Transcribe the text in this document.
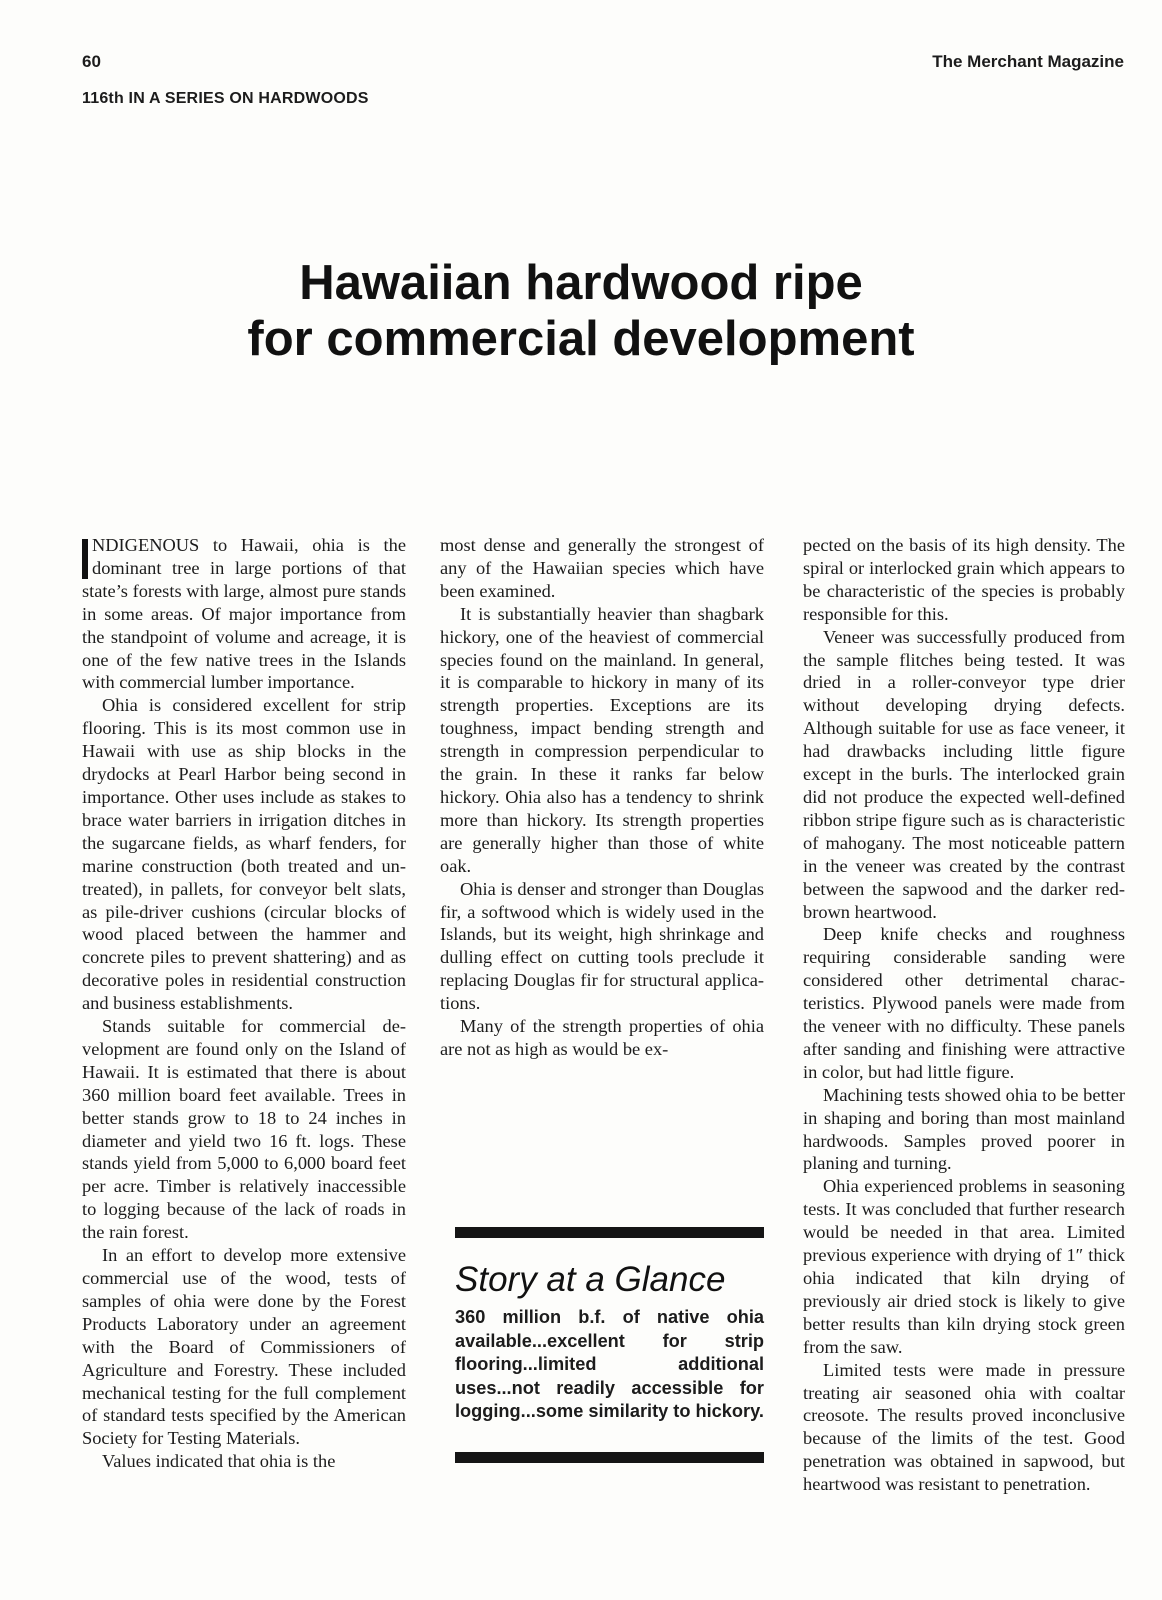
60	The Merchant Magazine
116th IN A SERIES ON HARDWOODS
Hawaiian hardwood ripe
for commercial development

NDIGENOUS to Hawaii, ohia is the dominant tree in large portions of that state’s forests with large, almost pure stands in some areas. Of major importance from the standpoint of volume and acreage, it is one of the few native trees in the Islands with commercial lumber importance.

Ohia is considered excellent for strip flooring. This is its most common use in Hawaii with use as ship blocks in the drydocks at Pearl Harbor being second in importance. Other uses include as stakes to brace water barriers in irrigation ditches in the sugarcane fields, as wharf fenders, for marine construction (both treated and untreated), in pallets, for conveyor belt slats, as pile-driver cushions (circular blocks of wood placed between the hammer and concrete piles to prevent shattering) and as decorative poles in residential construction and business establishments.

Stands suitable for commercial development are found only on the Island of Hawaii. It is estimated that there is about 360 million board feet available. Trees in better stands grow to 18 to 24 inches in diameter and yield two 16 ft. logs. These stands yield from 5,000 to 6,000 board feet per acre. Timber is relatively inaccessible to logging because of the lack of roads in the rain forest.

In an effort to develop more extensive commercial use of the wood, tests of samples of ohia were done by the Forest Products Laboratory under an agreement with the Board of Commissioners of Agriculture and Forestry. These included mechanical testing for the full complement of standard tests specified by the American Society for Testing Materials.

Values indicated that ohia is the

most dense and generally the strongest of any of the Hawaiian species which have been examined.

It is substantially heavier than shagbark hickory, one of the heaviest of commercial species found on the mainland. In general, it is comparable to hickory in many of its strength properties. Exceptions are its toughness, impact bending strength and strength in compression perpendicular to the grain. In these it ranks far below hickory. Ohia also has a tendency to shrink more than hickory. Its strength properties are generally higher than those of white oak.

Ohia is denser and stronger than Douglas fir, a softwood which is widely used in the Islands, but its weight, high shrinkage and dulling effect on cutting tools preclude it replacing Douglas fir for structural applications.

Many of the strength properties of ohia are not as high as would be ex-

Story at a Glance
360 million b.f. of native ohia available...excellent for strip flooring...limited additional uses...not readily accessible for logging...some similarity to hickory.

pected on the basis of its high density. The spiral or interlocked grain which appears to be characteristic of the species is probably responsible for this.

Veneer was successfully produced from the sample flitches being tested. It was dried in a roller-conveyor type drier without developing drying defects. Although suitable for use as face veneer, it had drawbacks including little figure except in the burls. The interlocked grain did not produce the expected well-defined ribbon stripe figure such as is characteristic of mahogany. The most noticeable pattern in the veneer was created by the contrast between the sapwood and the darker red-brown heartwood.

Deep knife checks and roughness requiring considerable sanding were considered other detrimental characteristics. Plywood panels were made from the veneer with no difficulty. These panels after sanding and finishing were attractive in color, but had little figure.

Machining tests showed ohia to be better in shaping and boring than most mainland hardwoods. Samples proved poorer in planing and turning.

Ohia experienced problems in seasoning tests. It was concluded that further research would be needed in that area. Limited previous experience with drying of 1″ thick ohia indicated that kiln drying of previously air dried stock is likely to give better results than kiln drying stock green from the saw.

Limited tests were made in pressure treating air seasoned ohia with coaltar creosote. The results proved inconclusive because of the limits of the test. Good penetration was obtained in sapwood, but heartwood was resistant to penetration.
